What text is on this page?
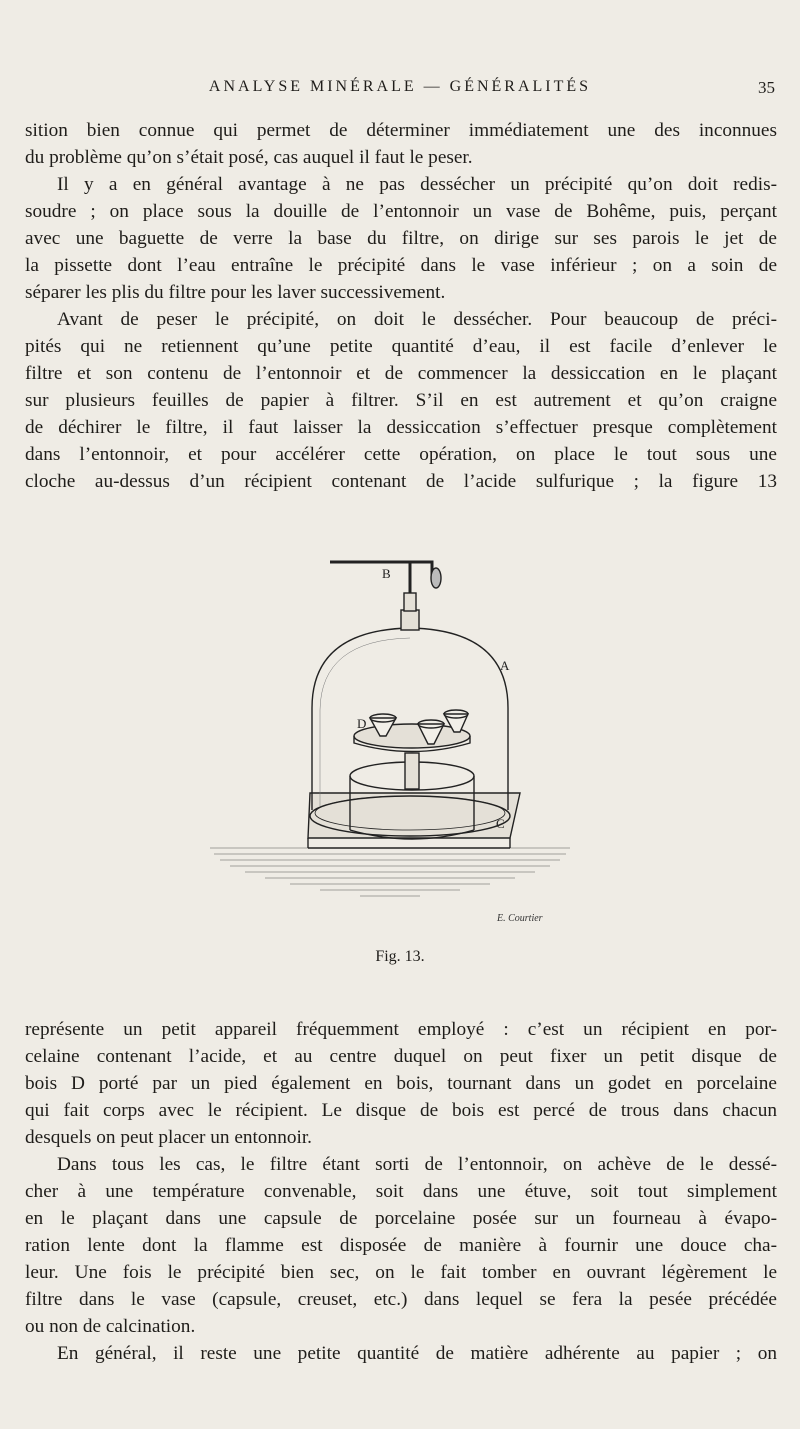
ANALYSE MINÉRALE — GÉNÉRALITÉS	35
sition bien connue qui permet de déterminer immédiatement une des inconnues
du problème qu’on s’était posé, cas auquel il faut le peser.
Il y a en général avantage à ne pas dessécher un précipité qu’on doit redis-
soudre ; on place sous la douille de l’entonnoir un vase de Bohême, puis, perçant
avec une baguette de verre la base du filtre, on dirige sur ses parois le jet de
la pissette dont l’eau entraîne le précipité dans le vase inférieur ; on a soin de
séparer les plis du filtre pour les laver successivement.
Avant de peser le précipité, on doit le dessécher. Pour beaucoup de préci-
pités qui ne retiennent qu’une petite quantité d’eau, il est facile d’enlever le
filtre et son contenu de l’entonnoir et de commencer la dessiccation en le plaçant
sur plusieurs feuilles de papier à filtrer. S’il en est autrement et qu’on craigne
de déchirer le filtre, il faut laisser la dessiccation s’effectuer presque complètement
dans l’entonnoir, et pour accélérer cette opération, on place le tout sous une
cloche au-dessus d’un récipient contenant de l’acide sulfurique ; la figure 13
B
A
D
C
E. Courtier
Fig. 13.
représente un petit appareil fréquemment employé : c’est un récipient en por-
celaine contenant l’acide, et au centre duquel on peut fixer un petit disque de
bois D porté par un pied également en bois, tournant dans un godet en porcelaine
qui fait corps avec le récipient. Le disque de bois est percé de trous dans chacun
desquels on peut placer un entonnoir.
Dans tous les cas, le filtre étant sorti de l’entonnoir, on achève de le dessé-
cher à une température convenable, soit dans une étuve, soit tout simplement
en le plaçant dans une capsule de porcelaine posée sur un fourneau à évapo-
ration lente dont la flamme est disposée de manière à fournir une douce cha-
leur. Une fois le précipité bien sec, on le fait tomber en ouvrant légèrement le
filtre dans le vase (capsule, creuset, etc.) dans lequel se fera la pesée précédée
ou non de calcination.
En général, il reste une petite quantité de matière adhérente au papier ; on
